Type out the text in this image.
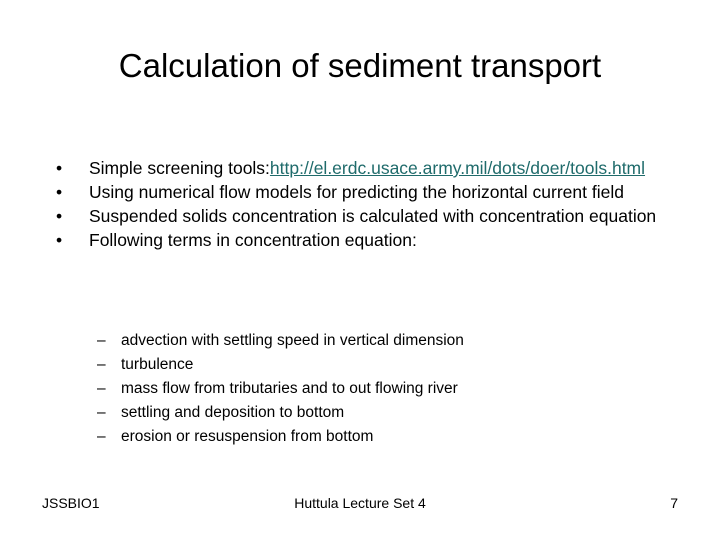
Calculation of sediment transport
•	Simple screening tools:http://el.erdc.usace.army.mil/dots/doer/tools.html
•	Using numerical flow models for predicting the horizontal current field
•	Suspended solids concentration is calculated with concentration equation
•	Following terms in concentration equation:
– advection with settling speed in vertical dimension
– turbulence
– mass flow from tributaries and to out flowing river
– settling and deposition to bottom
– erosion or resuspension from bottom
JSSBIO1	Huttula Lecture Set 4	7
